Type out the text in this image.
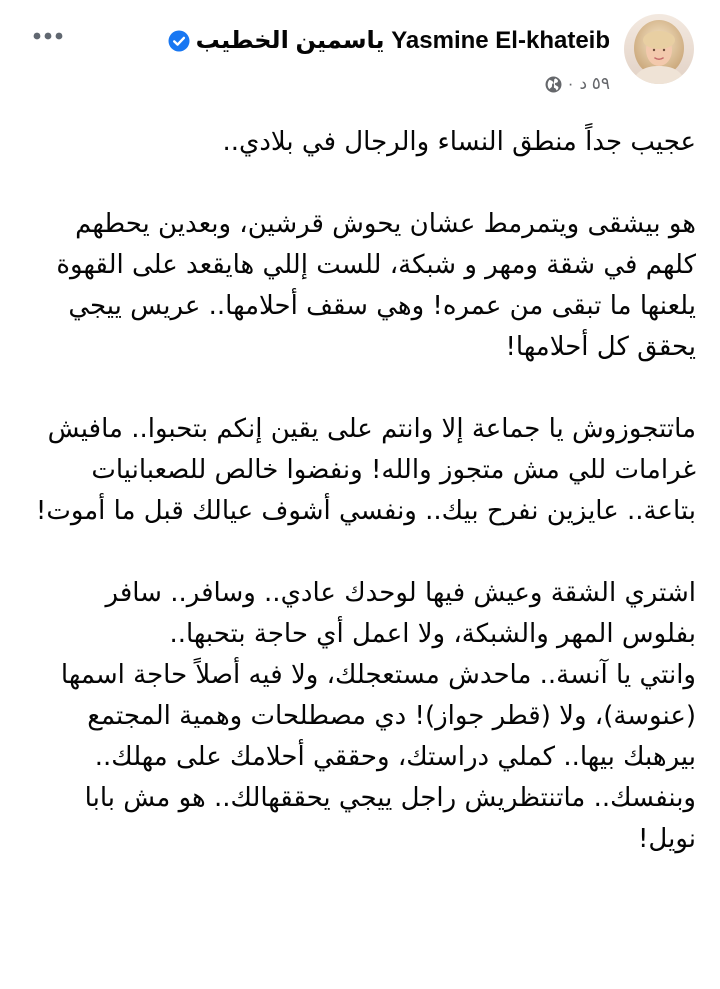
Yasmine El-khateib ياسمين الخطيب
٥٩ د
·

عجيب جداً منطق النساء والرجال في بلادي..

هو بيشقى ويتمرمط عشان يحوش قرشين، وبعدين يحطهم كلهم في شقة ومهر و شبكة، للست إللي هايقعد على القهوة يلعنها ما تبقى من عمره! وهي سقف أحلامها.. عريس ييجي يحقق كل أحلامها!

ماتتجوزوش يا جماعة إلا وانتم على يقين إنكم بتحبوا.. مافيش غرامات للي مش متجوز والله! ونفضوا خالص للصعبانيات بتاعة.. عايزين نفرح بيك.. ونفسي أشوف عيالك قبل ما أموت!

اشتري الشقة وعيش فيها لوحدك عادي.. وسافر.. سافر بفلوس المهر والشبكة، ولا اعمل أي حاجة بتحبها..
وانتي يا آنسة.. ماحدش مستعجلك، ولا فيه أصلاً حاجة اسمها (عنوسة)، ولا (قطر جواز)! دي مصطلحات وهمية المجتمع بيرهبك بيها.. كملي دراستك، وحققي أحلامك على مهلك.. وبنفسك.. ماتنتظريش راجل ييجي يحققهالك.. هو مش بابا نويل!
